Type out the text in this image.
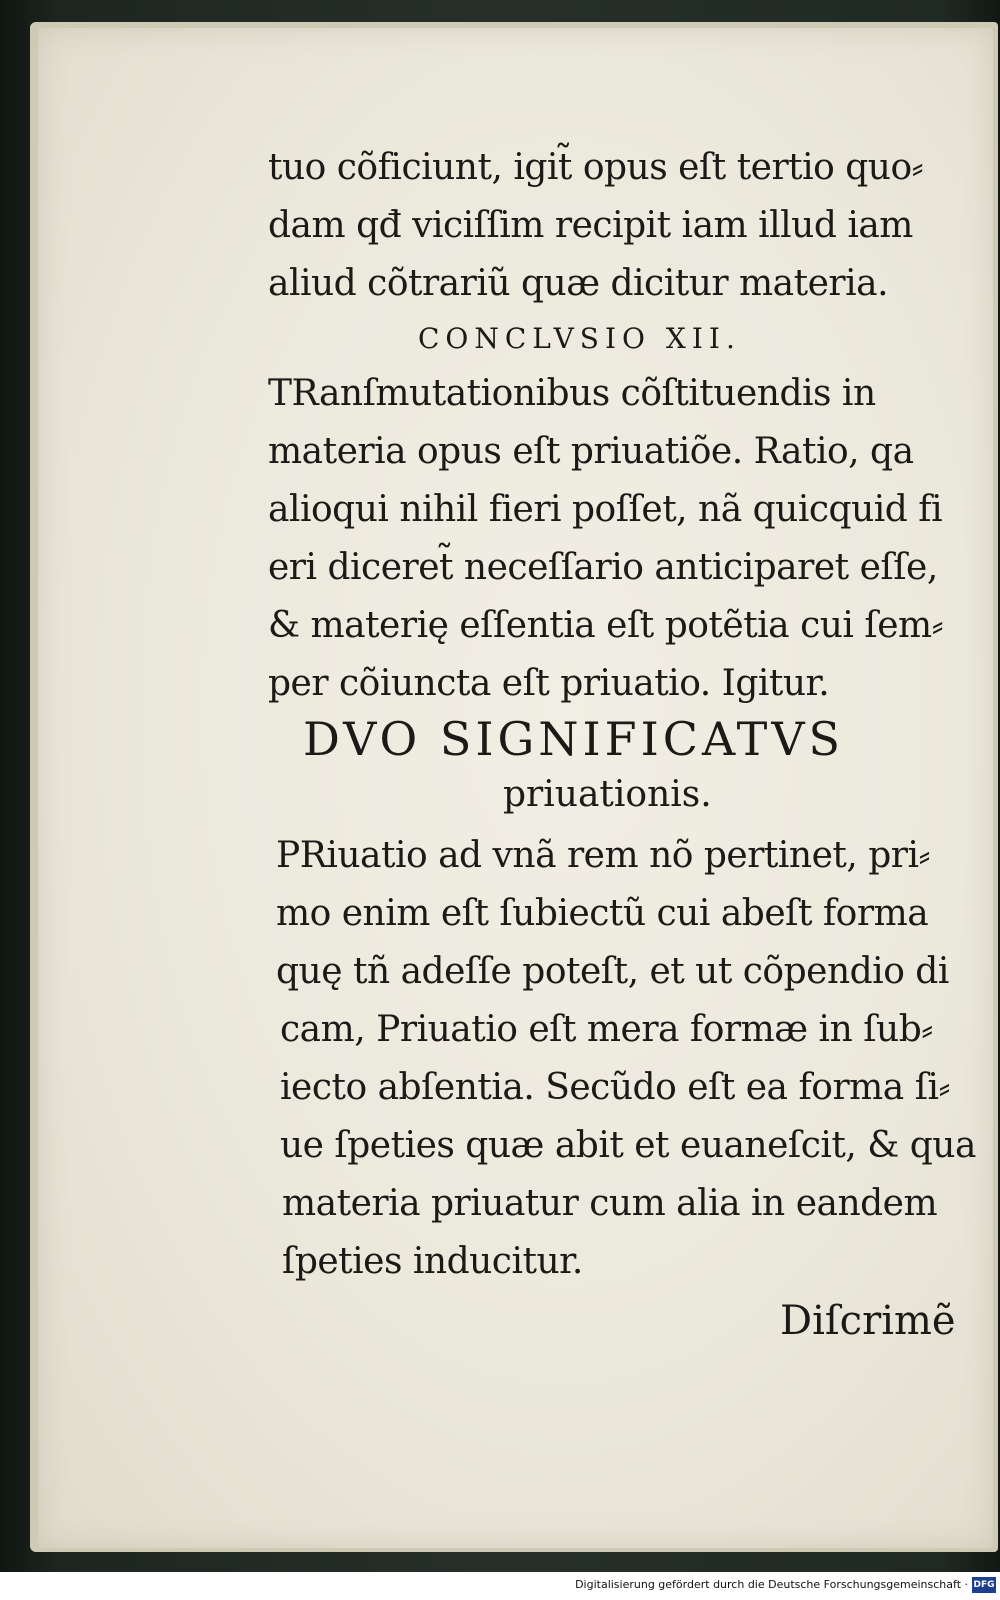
tuo cõficiunt, igit̃ opus eſt tertio quo⸗
dam qđ viciſſim recipit iam illud iam
aliud cõtrariũ quæ dicitur materia.
CONCLVSIO XII.
TRanſmutationibus cõſtituendis in
materia opus eſt priuatiõe. Ratio, qa
alioqui nihil fieri poſſet, nã quicquid fi
eri diceret̃ neceſſario anticiparet eſſe,
& materię eſſentia eſt potẽtia cui ſem⸗
per cõiuncta eſt priuatio. Igitur.
DVO SIGNIFICATVS
priuationis.
PRiuatio ad vnã rem nõ pertinet, pri⸗
mo enim eſt ſubiectũ cui abeſt forma
quę tñ adeſſe poteſt, et ut cõpendio di
cam, Priuatio eſt mera formæ in ſub⸗
iecto abſentia. Secũdo eſt ea forma ſi⸗
ue ſpeties quæ abit et euaneſcit, & qua
materia priuatur cum alia in eandem
ſpeties inducitur.
Diſcrimẽ
Digitalisierung gefördert durch die Deutsche Forschungsgemeinschaft · DFG
